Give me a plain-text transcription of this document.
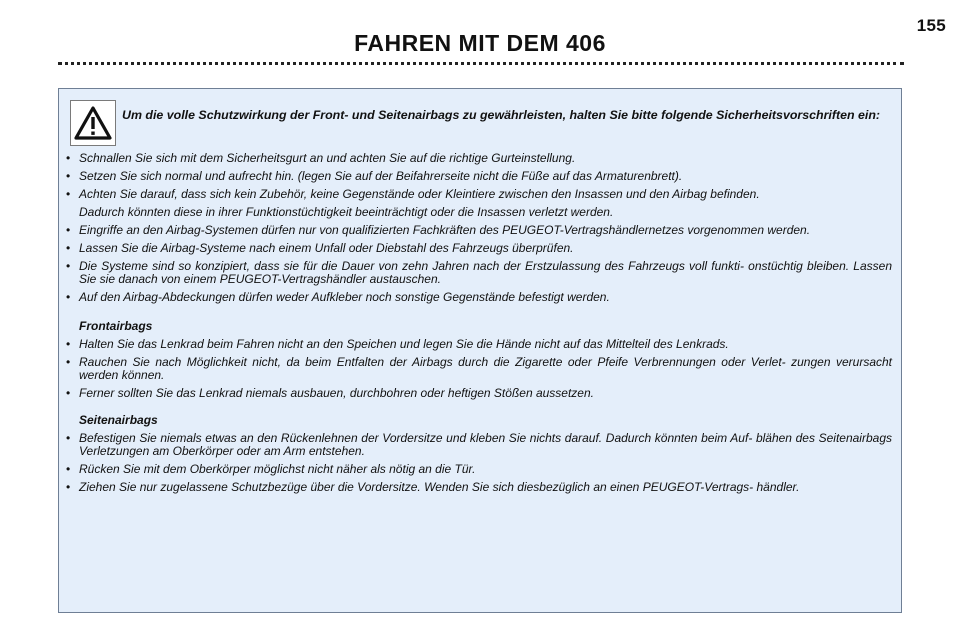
155
FAHREN MIT DEM 406

Um die volle Schutzwirkung der Front- und Seitenairbags zu gewährleisten, halten Sie bitte folgende Sicherheitsvorschriften ein:

• Schnallen Sie sich mit dem Sicherheitsgurt an und achten Sie auf die richtige Gurteinstellung.
• Setzen Sie sich normal und aufrecht hin. (legen Sie auf der Beifahrerseite nicht die Füße auf das Armaturenbrett).
• Achten Sie darauf, dass sich kein Zubehör, keine Gegenstände oder Kleintiere zwischen den Insassen und den Airbag befinden.

Dadurch könnten diese in ihrer Funktionstüchtigkeit beeinträchtigt oder die Insassen verletzt werden.

• Eingriffe an den Airbag-Systemen dürfen nur von qualifizierten Fachkräften des PEUGEOT-Vertragshändlernetzes vorgenommen werden.
• Lassen Sie die Airbag-Systeme nach einem Unfall oder Diebstahl des Fahrzeugs überprüfen.
• Die Systeme sind so konzipiert, dass sie für die Dauer von zehn Jahren nach der Erstzulassung des Fahrzeugs voll funkti- onstüchtig bleiben. Lassen Sie sie danach von einem PEUGEOT-Vertragshändler austauschen.
• Auf den Airbag-Abdeckungen dürfen weder Aufkleber noch sonstige Gegenstände befestigt werden.

Frontairbags

• Halten Sie das Lenkrad beim Fahren nicht an den Speichen und legen Sie die Hände nicht auf das Mittelteil des Lenkrads.
• Rauchen Sie nach Möglichkeit nicht, da beim Entfalten der Airbags durch die Zigarette oder Pfeife Verbrennungen oder Verlet- zungen verursacht werden können.
• Ferner sollten Sie das Lenkrad niemals ausbauen, durchbohren oder heftigen Stößen aussetzen.

Seitenairbags

• Befestigen Sie niemals etwas an den Rückenlehnen der Vordersitze und kleben Sie nichts darauf. Dadurch könnten beim Auf- blähen des Seitenairbags Verletzungen am Oberkörper oder am Arm entstehen.
• Rücken Sie mit dem Oberkörper möglichst nicht näher als nötig an die Tür.
• Ziehen Sie nur zugelassene Schutzbezüge über die Vordersitze. Wenden Sie sich diesbezüglich an einen PEUGEOT-Vertrags- händler.
